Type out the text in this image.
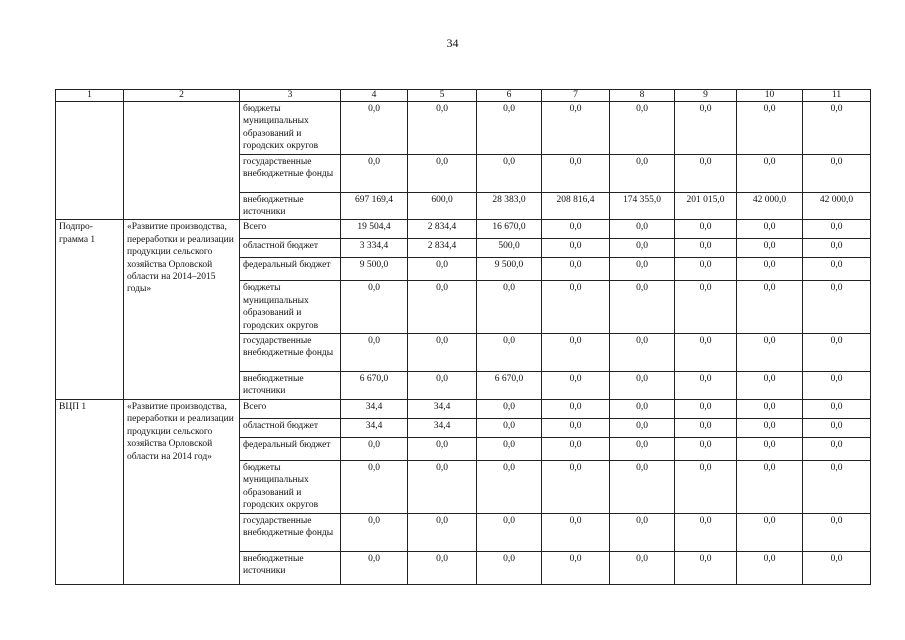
34
1	2	3	4	5	6	7	8	9	10	11
		бюджеты муниципальных образований и городских округов	0,0	0,0	0,0	0,0	0,0	0,0	0,0	0,0
		государственные внебюджетные фонды	0,0	0,0	0,0	0,0	0,0	0,0	0,0	0,0
		внебюджетные источники	697 169,4	600,0	28 383,0	208 816,4	174 355,0	201 015,0	42 000,0	42 000,0
Подпро-грамма 1	«Развитие производства, переработки и реализации продукции сельского хозяйства Орловской области на 2014–2015 годы»	Всего	19 504,4	2 834,4	16 670,0	0,0	0,0	0,0	0,0	0,0
		областной бюджет	3 334,4	2 834,4	500,0	0,0	0,0	0,0	0,0	0,0
		федеральный бюджет	9 500,0	0,0	9 500,0	0,0	0,0	0,0	0,0	0,0
		бюджеты муниципальных образований и городских округов	0,0	0,0	0,0	0,0	0,0	0,0	0,0	0,0
		государственные внебюджетные фонды	0,0	0,0	0,0	0,0	0,0	0,0	0,0	0,0
		внебюджетные источники	6 670,0	0,0	6 670,0	0,0	0,0	0,0	0,0	0,0
ВЦП 1	«Развитие производства, переработки и реализации продукции сельского хозяйства Орловской области на 2014 год»	Всего	34,4	34,4	0,0	0,0	0,0	0,0	0,0	0,0
		областной бюджет	34,4	34,4	0,0	0,0	0,0	0,0	0,0	0,0
		федеральный бюджет	0,0	0,0	0,0	0,0	0,0	0,0	0,0	0,0
		бюджеты муниципальных образований и городских округов	0,0	0,0	0,0	0,0	0,0	0,0	0,0	0,0
		государственные внебюджетные фонды	0,0	0,0	0,0	0,0	0,0	0,0	0,0	0,0
		внебюджетные источники	0,0	0,0	0,0	0,0	0,0	0,0	0,0	0,0
